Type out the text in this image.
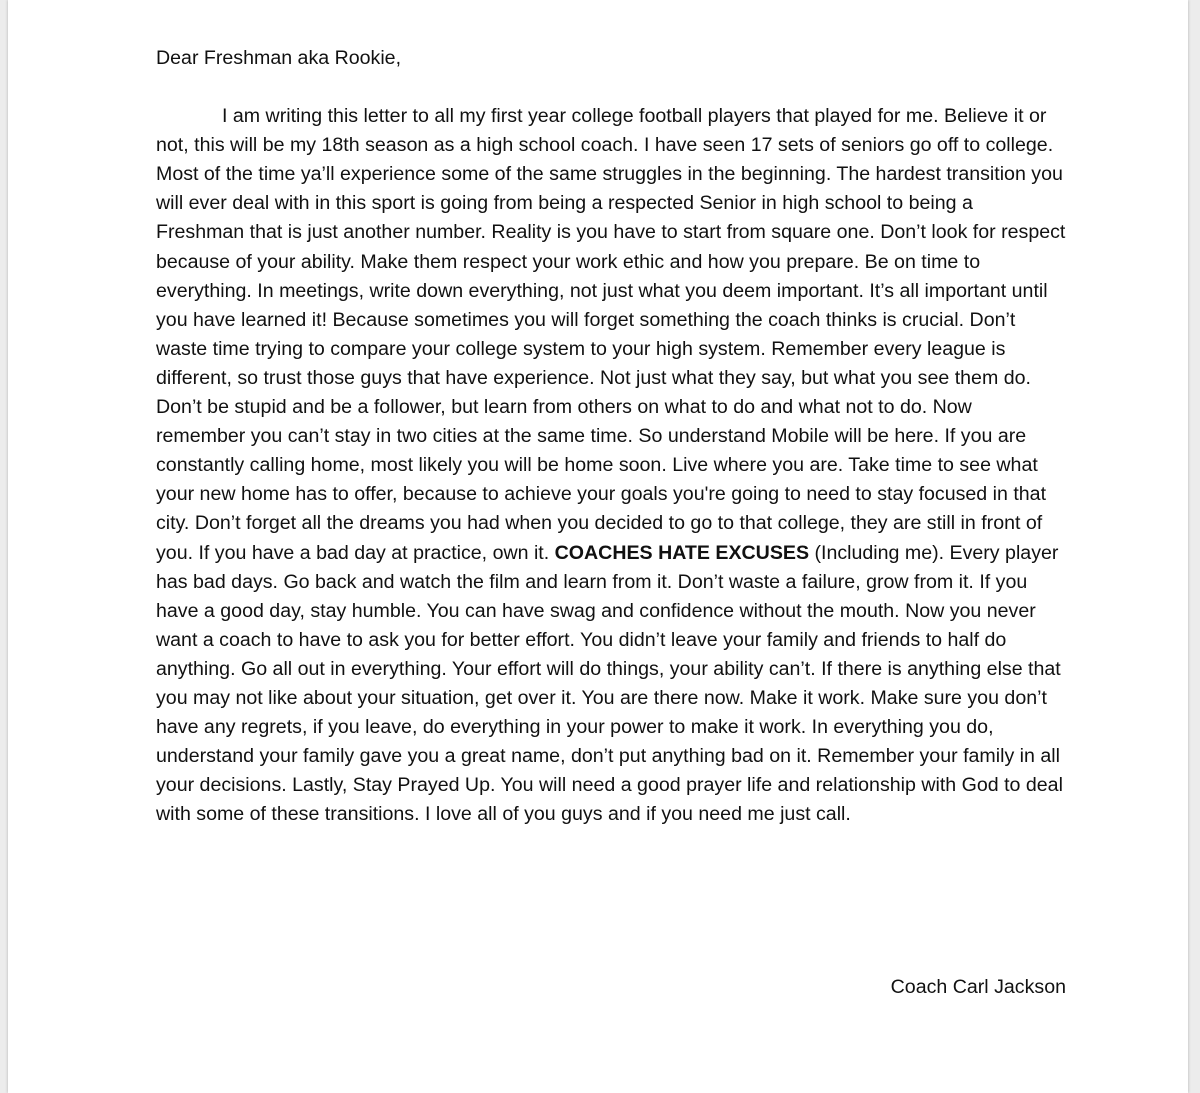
Dear Freshman aka Rookie,

I am writing this letter to all my first year college football players that played for me. Believe it or not, this will be my 18th season as a high school coach. I have seen 17 sets of seniors go off to college. Most of the time ya’ll experience some of the same struggles in the beginning. The hardest transition you will ever deal with in this sport is going from being a respected Senior in high school to being a Freshman that is just another number. Reality is you have to start from square one. Don’t look for respect because of your ability. Make them respect your work ethic and how you prepare. Be on time to everything. In meetings, write down everything, not just what you deem important. It’s all important until you have learned it! Because sometimes you will forget something the coach thinks is crucial. Don’t waste time trying to compare your college system to your high system. Remember every league is different, so trust those guys that have experience. Not just what they say, but what you see them do. Don’t be stupid and be a follower, but learn from others on what to do and what not to do. Now remember you can’t stay in two cities at the same time. So understand Mobile will be here. If you are constantly calling home, most likely you will be home soon. Live where you are. Take time to see what your new home has to offer, because to achieve your goals you're going to need to stay focused in that city. Don’t forget all the dreams you had when you decided to go to that college, they are still in front of you. If you have a bad day at practice, own it. COACHES HATE EXCUSES (Including me). Every player has bad days. Go back and watch the film and learn from it. Don’t waste a failure, grow from it. If you have a good day, stay humble. You can have swag and confidence without the mouth. Now you never want a coach to have to ask you for better effort. You didn’t leave your family and friends to half do anything. Go all out in everything. Your effort will do things, your ability can’t. If there is anything else that you may not like about your situation, get over it. You are there now. Make it work. Make sure you don’t have any regrets, if you leave, do everything in your power to make it work. In everything you do, understand your family gave you a great name, don’t put anything bad on it. Remember your family in all your decisions. Lastly, Stay Prayed Up. You will need a good prayer life and relationship with God to deal with some of these transitions. I love all of you guys and if you need me just call.

Coach Carl Jackson
